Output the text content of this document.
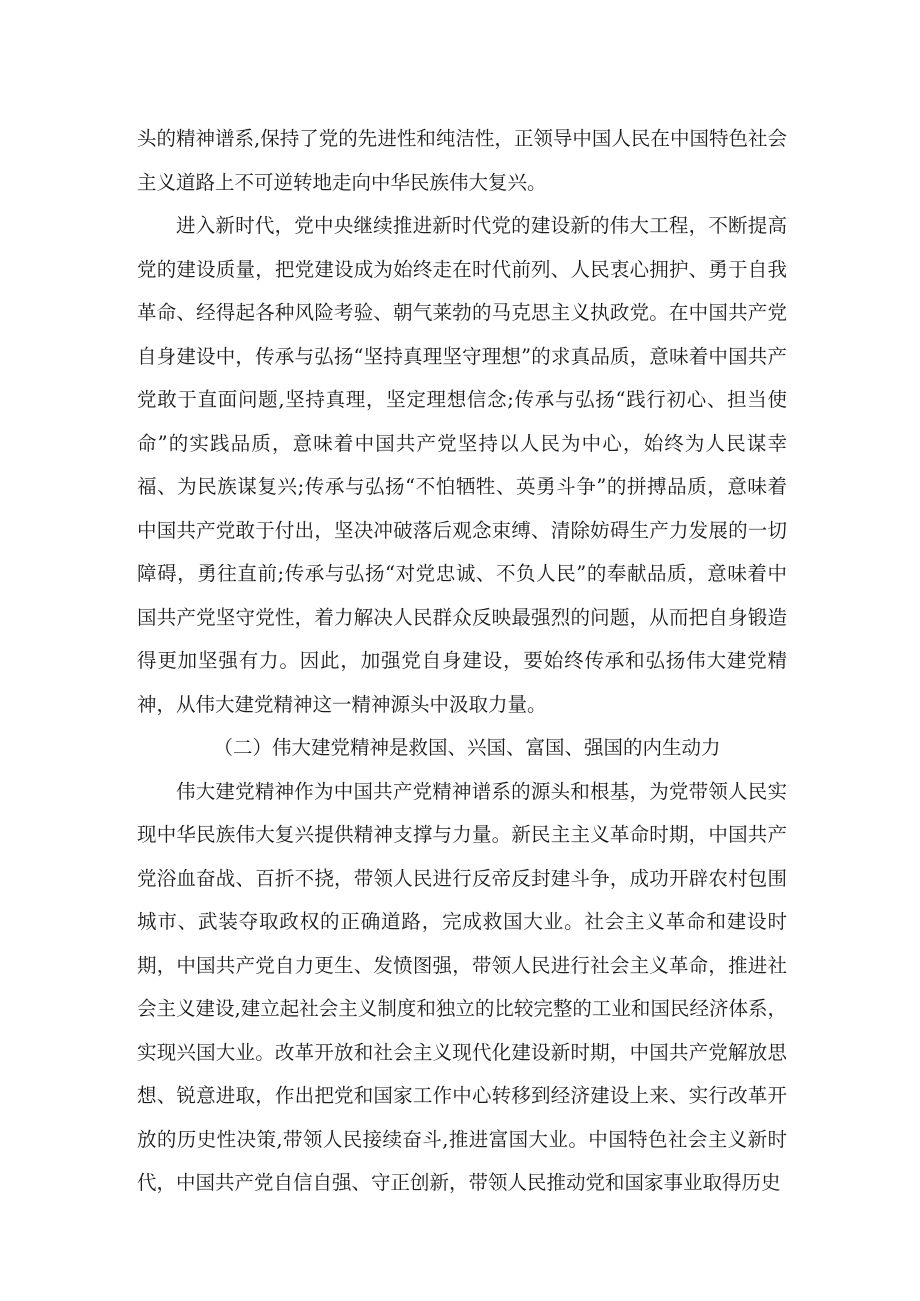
头的精神谱系,保持了党的先进性和纯洁性，正领导中国人民在中国特色社会主义道路上不可逆转地走向中华民族伟大复兴。

进入新时代，党中央继续推进新时代党的建设新的伟大工程，不断提高党的建设质量，把党建设成为始终走在时代前列、人民衷心拥护、勇于自我革命、经得起各种风险考验、朝气莱勃的马克思主义执政党。在中国共产党自身建设中，传承与弘扬“坚持真理坚守理想”的求真品质，意味着中国共产党敢于直面问题,坚持真理，坚定理想信念;传承与弘扬“践行初心、担当使命”的实践品质，意味着中国共产党坚持以人民为中心，始终为人民谋幸福、为民族谋复兴;传承与弘扬“不怕牺牲、英勇斗争”的拼搏品质，意味着中国共产党敢于付出，坚决冲破落后观念束缚、清除妨碍生产力发展的一切障碍，勇往直前;传承与弘扬“对党忠诚、不负人民”的奉献品质，意味着中国共产党坚守党性，着力解决人民群众反映最强烈的问题，从而把自身锻造得更加坚强有力。因此，加强党自身建设，要始终传承和弘扬伟大建党精神，从伟大建党精神这一精神源头中汲取力量。

（二）伟大建党精神是救国、兴国、富国、强国的内生动力

伟大建党精神作为中国共产党精神谱系的源头和根基，为党带领人民实现中华民族伟大复兴提供精神支撑与力量。新民主主义革命时期，中国共产党浴血奋战、百折不挠，带领人民进行反帝反封建斗争，成功开辟农村包围城市、武装夺取政权的正确道路，完成救国大业。社会主义革命和建设时期，中国共产党自力更生、发愤图强，带领人民进行社会主义革命，推进社会主义建设,建立起社会主义制度和独立的比较完整的工业和国民经济体系，实现兴国大业。改革开放和社会主义现代化建设新时期，中国共产党解放思想、锐意进取，作出把党和国家工作中心转移到经济建设上来、实行改革开放的历史性决策,带领人民接续奋斗,推进富国大业。中国特色社会主义新时代，中国共产党自信自强、守正创新，带领人民推动党和国家事业取得历史
